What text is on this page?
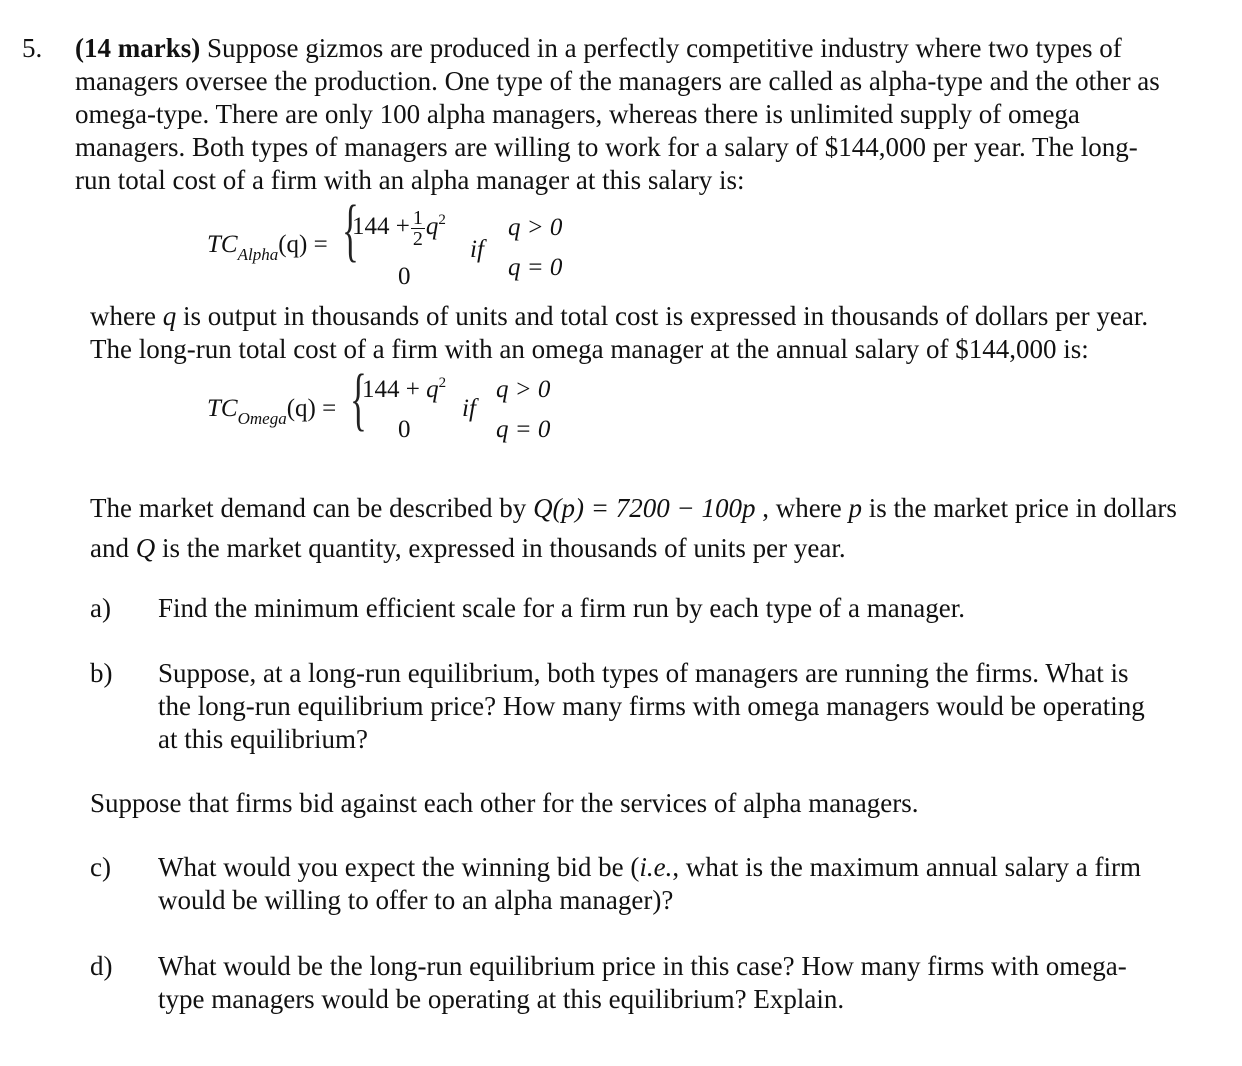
5. (14 marks) Suppose gizmos are produced in a perfectly competitive industry where two types of
managers oversee the production. One type of the managers are called as alpha-type and the other as
omega-type. There are only 100 alpha managers, whereas there is unlimited supply of omega
managers. Both types of managers are willing to work for a salary of $144,000 per year. The long-
run total cost of a firm with an alpha manager at this salary is:
$TC_{Alpha}(q)$ = {
$144 + \frac{1}{2} q^2$
0
if
q > 0
q = 0
where q is output in thousands of units and total cost is expressed in thousands of dollars per year.
The long-run total cost of a firm with an omega manager at the annual salary of $144,000 is:
$TC_{Omega}(q)$ = {
$144 + q^2$
0
if
q > 0
q = 0
The market demand can be described by Q(p) = 7200 − 100p , where p is the market price in dollars
and Q is the market quantity, expressed in thousands of units per year.
a) Find the minimum efficient scale for a firm run by each type of a manager.
b) Suppose, at a long-run equilibrium, both types of managers are running the firms. What is
the long-run equilibrium price? How many firms with omega managers would be operating
at this equilibrium?
Suppose that firms bid against each other for the services of alpha managers.
c) What would you expect the winning bid be (i.e., what is the maximum annual salary a firm
would be willing to offer to an alpha manager)?
d) What would be the long-run equilibrium price in this case? How many firms with omega-
type managers would be operating at this equilibrium? Explain.
